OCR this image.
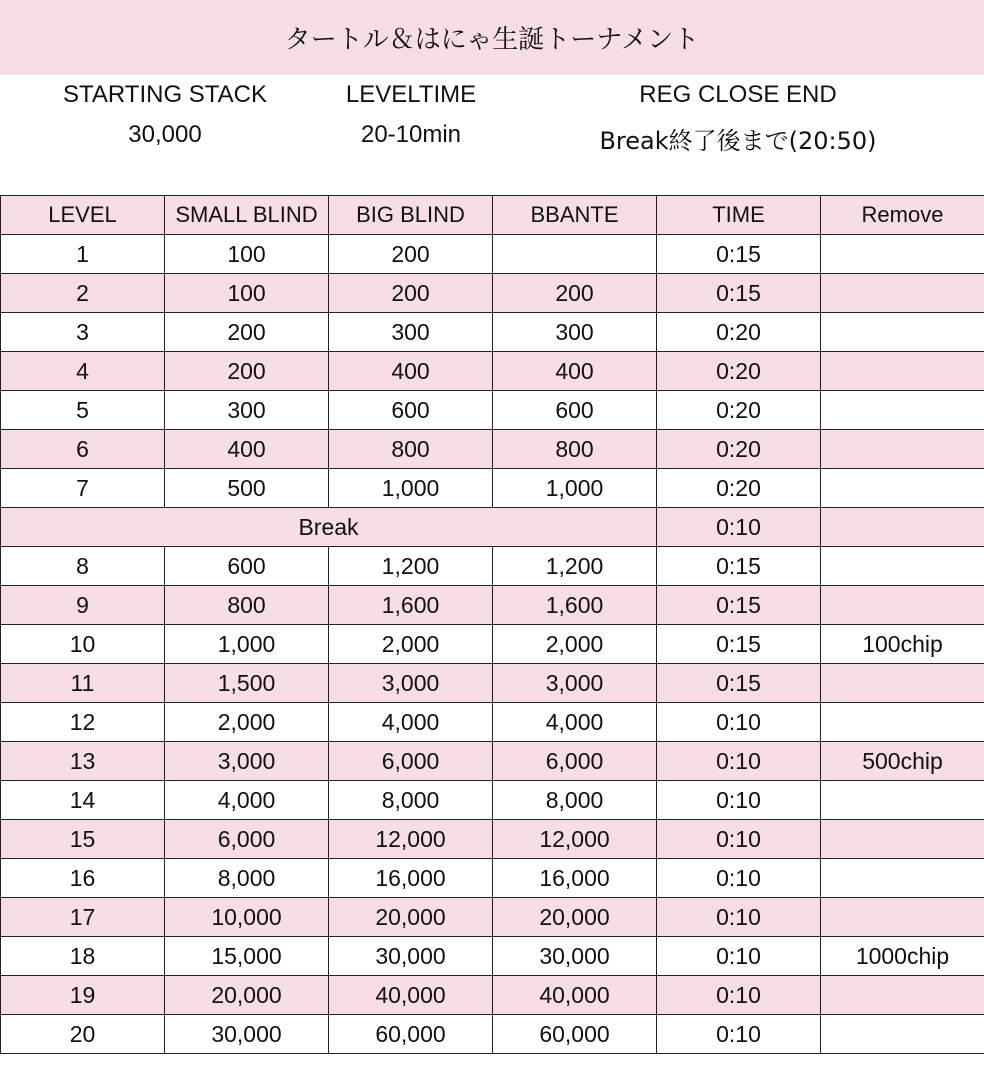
タートル＆はにゃ生誕トーナメント
STARTING STACK
30,000
LEVELTIME
20-10min
REG CLOSE END
Break終了後まで(20:50)
LEVEL	SMALL BLIND	BIG BLIND	BBANTE	TIME	Remove
1	100	200		0:15	
2	100	200	200	0:15	
3	200	300	300	0:20	
4	200	400	400	0:20	
5	300	600	600	0:20	
6	400	800	800	0:20	
7	500	1,000	1,000	0:20	
Break				0:10	
8	600	1,200	1,200	0:15	
9	800	1,600	1,600	0:15	
10	1,000	2,000	2,000	0:15	100chip
11	1,500	3,000	3,000	0:15	
12	2,000	4,000	4,000	0:10	
13	3,000	6,000	6,000	0:10	500chip
14	4,000	8,000	8,000	0:10	
15	6,000	12,000	12,000	0:10	
16	8,000	16,000	16,000	0:10	
17	10,000	20,000	20,000	0:10	
18	15,000	30,000	30,000	0:10	1000chip
19	20,000	40,000	40,000	0:10	
20	30,000	60,000	60,000	0:10	
